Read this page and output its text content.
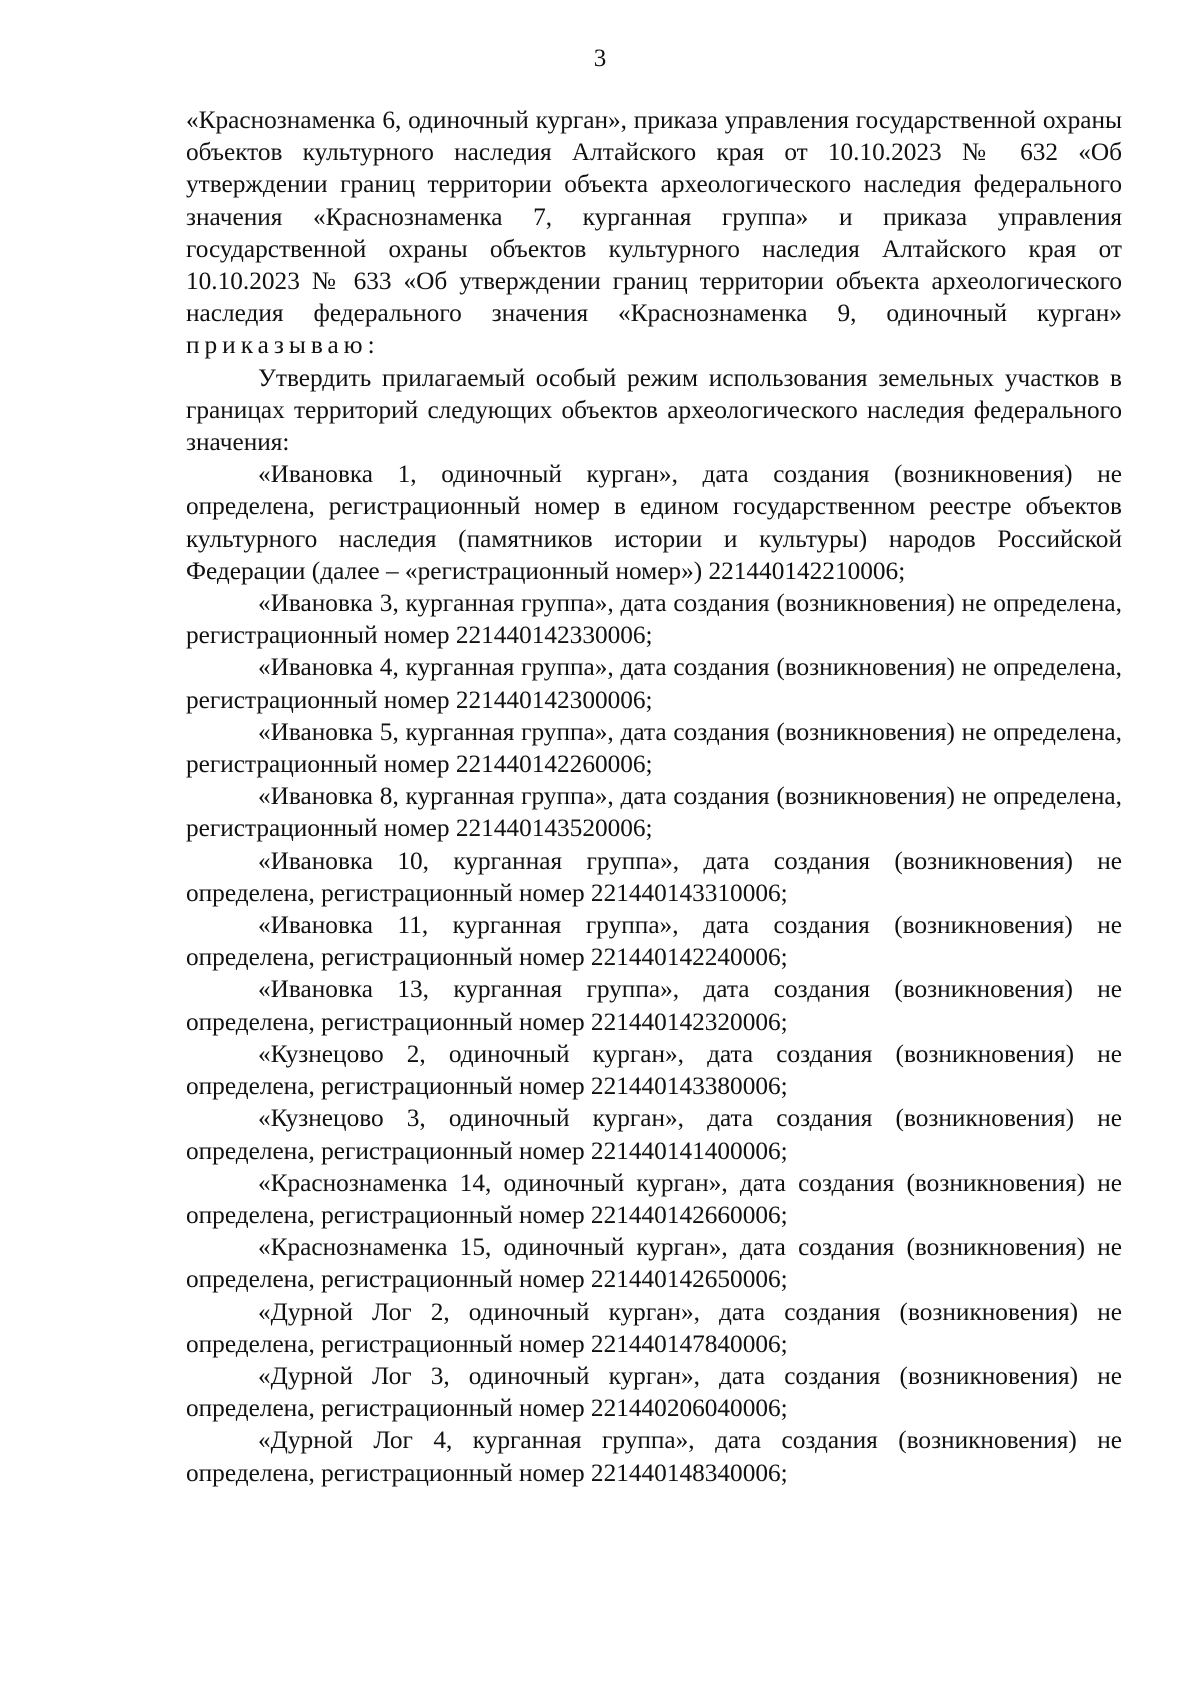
3

«Краснознаменка 6, одиночный курган», приказа управления государственной охраны объектов культурного наследия Алтайского края от 10.10.2023 № 632 «Об утверждении границ территории объекта археологического наследия федерального значения «Краснознаменка 7, курганная группа» и приказа управления государственной охраны объектов культурного наследия Алтайского края от 10.10.2023 № 633 «Об утверждении границ территории объекта археологического наследия федерального значения «Краснознаменка 9, одиночный курган» приказываю:

Утвердить прилагаемый особый режим использования земельных участков в границах территорий следующих объектов археологического наследия федерального значения:

«Ивановка 1, одиночный курган», дата создания (возникновения) не определена, регистрационный номер в едином государственном реестре объектов культурного наследия (памятников истории и культуры) народов Российской Федерации (далее – «регистрационный номер») 221440142210006;

«Ивановка 3, курганная группа», дата создания (возникновения) не определена, регистрационный номер 221440142330006;

«Ивановка 4, курганная группа», дата создания (возникновения) не определена, регистрационный номер 221440142300006;

«Ивановка 5, курганная группа», дата создания (возникновения) не определена, регистрационный номер 221440142260006;

«Ивановка 8, курганная группа», дата создания (возникновения) не определена, регистрационный номер 221440143520006;

«Ивановка 10, курганная группа», дата создания (возникновения) не определена, регистрационный номер 221440143310006;

«Ивановка 11, курганная группа», дата создания (возникновения) не определена, регистрационный номер 221440142240006;

«Ивановка 13, курганная группа», дата создания (возникновения) не определена, регистрационный номер 221440142320006;

«Кузнецово 2, одиночный курган», дата создания (возникновения) не определена, регистрационный номер 221440143380006;

«Кузнецово 3, одиночный курган», дата создания (возникновения) не определена, регистрационный номер 221440141400006;

«Краснознаменка 14, одиночный курган», дата создания (возникновения) не определена, регистрационный номер 221440142660006;

«Краснознаменка 15, одиночный курган», дата создания (возникновения) не определена, регистрационный номер 221440142650006;

«Дурной Лог 2, одиночный курган», дата создания (возникновения) не определена, регистрационный номер 221440147840006;

«Дурной Лог 3, одиночный курган», дата создания (возникновения) не определена, регистрационный номер 221440206040006;

«Дурной Лог 4, курганная группа», дата создания (возникновения) не определена, регистрационный номер 221440148340006;
